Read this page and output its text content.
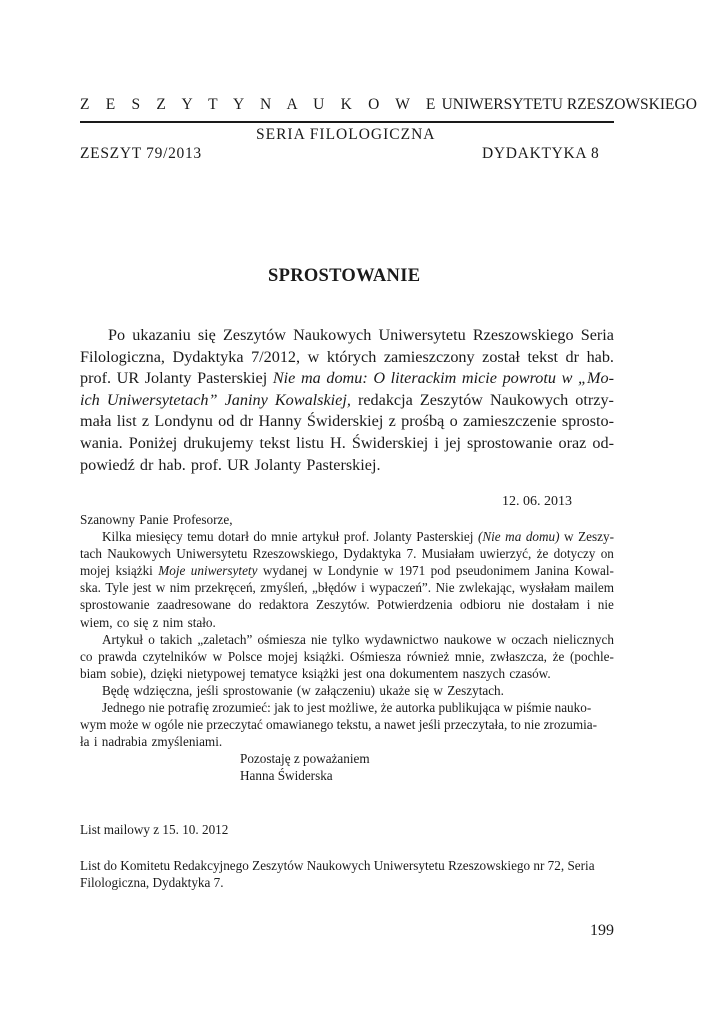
Z E S Z Y T Y N A U K O W E UNIWERSYTETU RZESZOWSKIEGO
SERIA FILOLOGICZNA
ZESZYT 79/2013	DYDAKTYKA 8
SPROSTOWANIE
Po ukazaniu się Zeszytów Naukowych Uniwersytetu Rzeszowskiego Seria
Filologiczna, Dydaktyka 7/2012, w których zamieszczony został tekst dr hab.
prof. UR Jolanty Pasterskiej Nie ma domu: O literackim micie powrotu w „Mo-
ich Uniwersytetach” Janiny Kowalskiej, redakcja Zeszytów Naukowych otrzy-
mała list z Londynu od dr Hanny Świderskiej z prośbą o zamieszczenie sprosto-
wania. Poniżej drukujemy tekst listu H. Świderskiej i jej sprostowanie oraz od-
powiedź dr hab. prof. UR Jolanty Pasterskiej.
12. 06. 2013
Szanowny Panie Profesorze,
Kilka miesięcy temu dotarł do mnie artykuł prof. Jolanty Pasterskiej (Nie ma domu) w Zeszy-
tach Naukowych Uniwersytetu Rzeszowskiego, Dydaktyka 7. Musiałam uwierzyć, że dotyczy on
mojej książki Moje uniwersytety wydanej w Londynie w 1971 pod pseudonimem Janina Kowal-
ska. Tyle jest w nim przekręceń, zmyśleń, „błędów i wypaczeń”. Nie zwlekając, wysłałam mailem
sprostowanie zaadresowane do redaktora Zeszytów. Potwierdzenia odbioru nie dostałam i nie
wiem, co się z nim stało.
Artykuł o takich „zaletach” ośmiesza nie tylko wydawnictwo naukowe w oczach nielicznych
co prawda czytelników w Polsce mojej książki. Ośmiesza również mnie, zwłaszcza, że (pochle-
biam sobie), dzięki nietypowej tematyce książki jest ona dokumentem naszych czasów.
Będę wdzięczna, jeśli sprostowanie (w załączeniu) ukaże się w Zeszytach.
Jednego nie potrafię zrozumieć: jak to jest możliwe, że autorka publikująca w piśmie nauko-
wym może w ogóle nie przeczytać omawianego tekstu, a nawet jeśli przeczytała, to nie zrozumia-
ła i nadrabia zmyśleniami.
Pozostaję z poważaniem
Hanna Świderska
List mailowy z 15. 10. 2012
List do Komitetu Redakcyjnego Zeszytów Naukowych Uniwersytetu Rzeszowskiego nr 72, Seria
Filologiczna, Dydaktyka 7.
199
